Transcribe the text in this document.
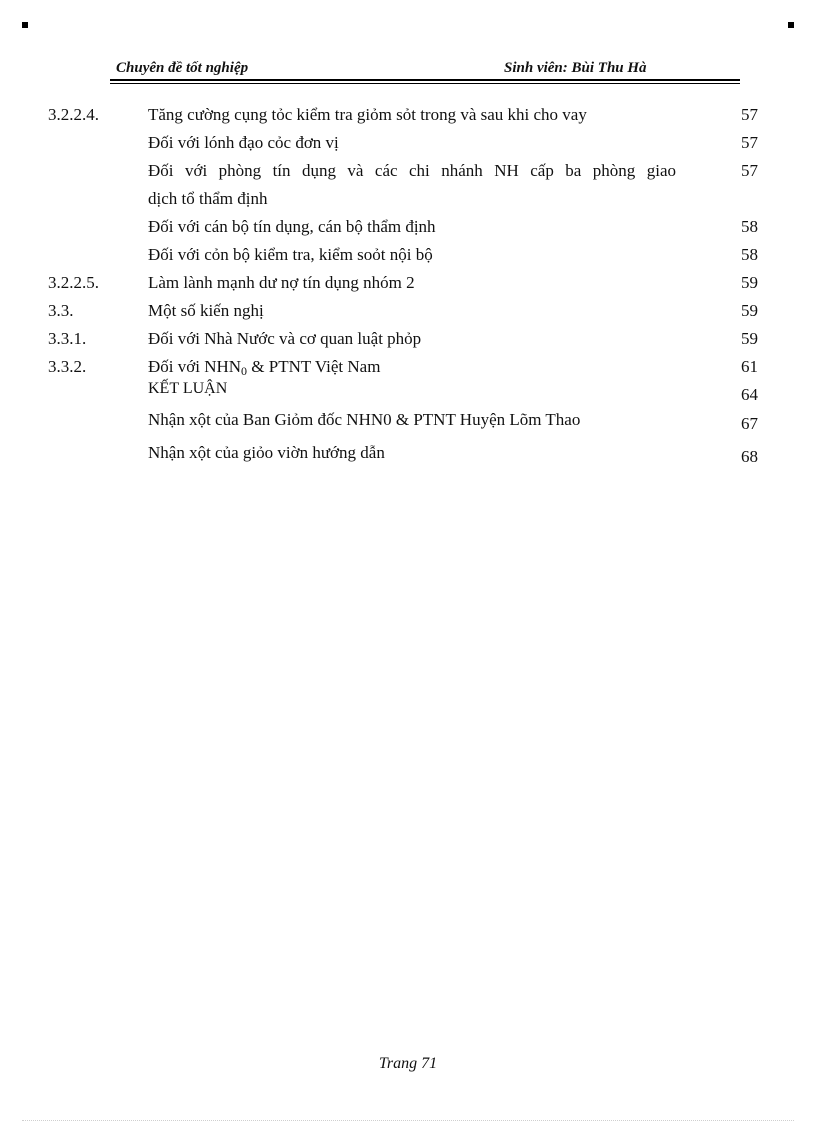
Chuyên đề tốt nghiệp	Sinh viên: Bùi Thu Hà
3.2.2.4.	Tăng cường cụng tỏc kiểm tra giỏm sỏt trong và sau khi cho vay	57
Đối với lónh đạo cỏc đơn vị	57
Đối với phòng tín dụng và các chi nhánh NH cấp ba phòng giao	57
dịch tổ thẩm định
Đối với cán bộ tín dụng, cán bộ thẩm định	58
Đối với cỏn bộ kiểm tra, kiểm soỏt nội bộ	58
3.2.2.5.	Làm lành mạnh dư nợ tín dụng nhóm 2	59
3.3.	Một số kiến nghị	59
3.3.1.	Đối với Nhà Nước và cơ quan luật phỏp	59
3.3.2.	Đối với $NHN_0$ & PTNT Việt Nam	61
KẾT LUẬN	64
Nhận xột của Ban Giỏm đốc NHN0 & PTNT Huyện Lõm Thao	67
Nhận xột của giỏo viờn hướng dẫn	68
Trang 71
